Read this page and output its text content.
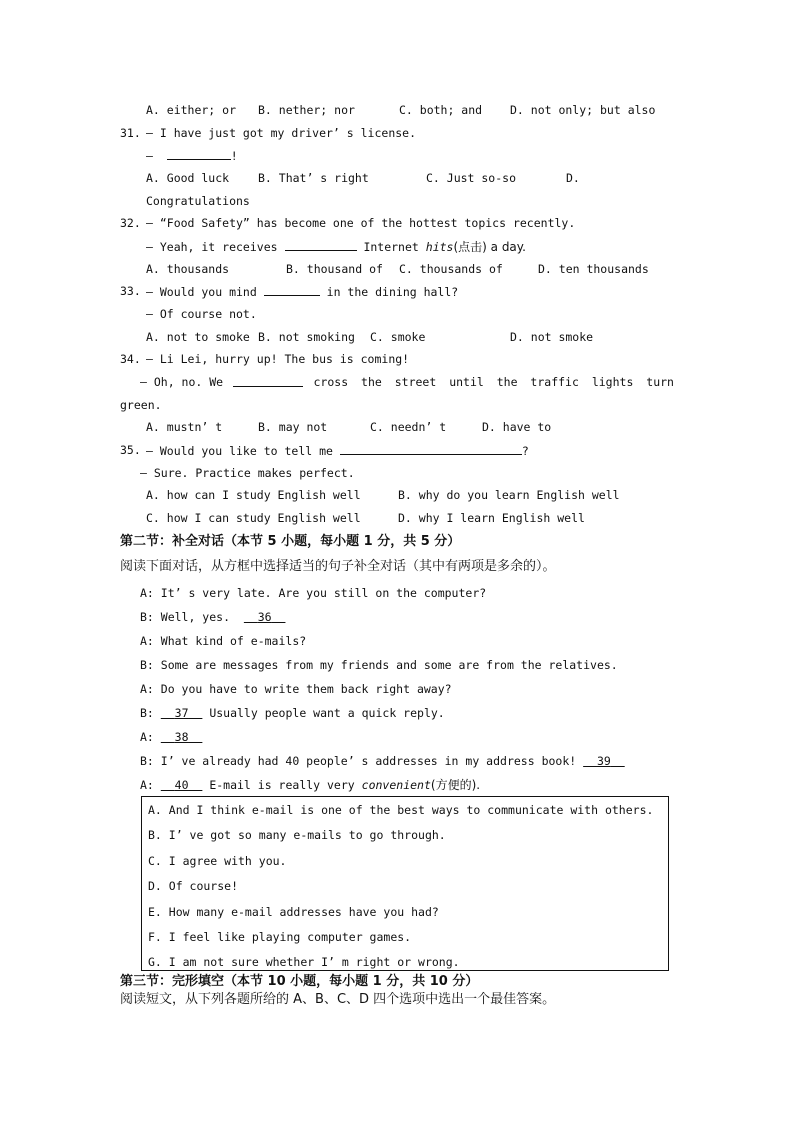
A. either; or B. nether; nor	C. both; and D. not only; but also
31. — I have just got my driver’ s license.
—	!
A. Good luck	B. That’ s right	C. Just so-so	D.
Congratulations
32. — “Food Safety” has become one of the hottest topics recently.
— Yeah, it receives	Internet hits(点击) a day.
A. thousands	B. thousand of C. thousands of	D. ten thousands
33. — Would you mind	in the dining hall?
— Of course not.
A. not to smoke B. not smoking C. smoke	D. not smoke
34. — Li Lei, hurry up! The bus is coming!
— Oh, no. We	cross the street until the traffic lights turn
green.
A. mustn’ t	B. may not	C. needn’ t	D. have to
35. — Would you like to tell me	?
— Sure. Practice makes perfect.
A. how can I study English well	B. why do you learn English well
C. how I can study English well	D. why I learn English well
第二节：补全对话（本节 5 小题，每小题 1 分，共 5 分）
阅读下面对话，从方框中选择适当的句子补全对话（其中有两项是多余的）。
A: It’ s very late. Are you still on the computer?
B: Well, yes. 36
A: What kind of e-mails?
B: Some are messages from my friends and some are from the relatives.
A: Do you have to write them back right away?
B: 37 Usually people want a quick reply.
A: 38
B: I’ ve already had 40 people’ s addresses in my address book! 39
A: 40 E-mail is really very convenient(方便的).
A. And I think e-mail is one of the best ways to communicate with others.
B. I’ ve got so many e-mails to go through.
C. I agree with you.
D. Of course!
E. How many e-mail addresses have you had?
F. I feel like playing computer games.
G. I am not sure whether I’ m right or wrong.
第三节：完形填空（本节 10 小题，每小题 1 分，共 10 分）
阅读短文，从下列各题所给的 A、B、C、D 四个选项中选出一个最佳答案。
